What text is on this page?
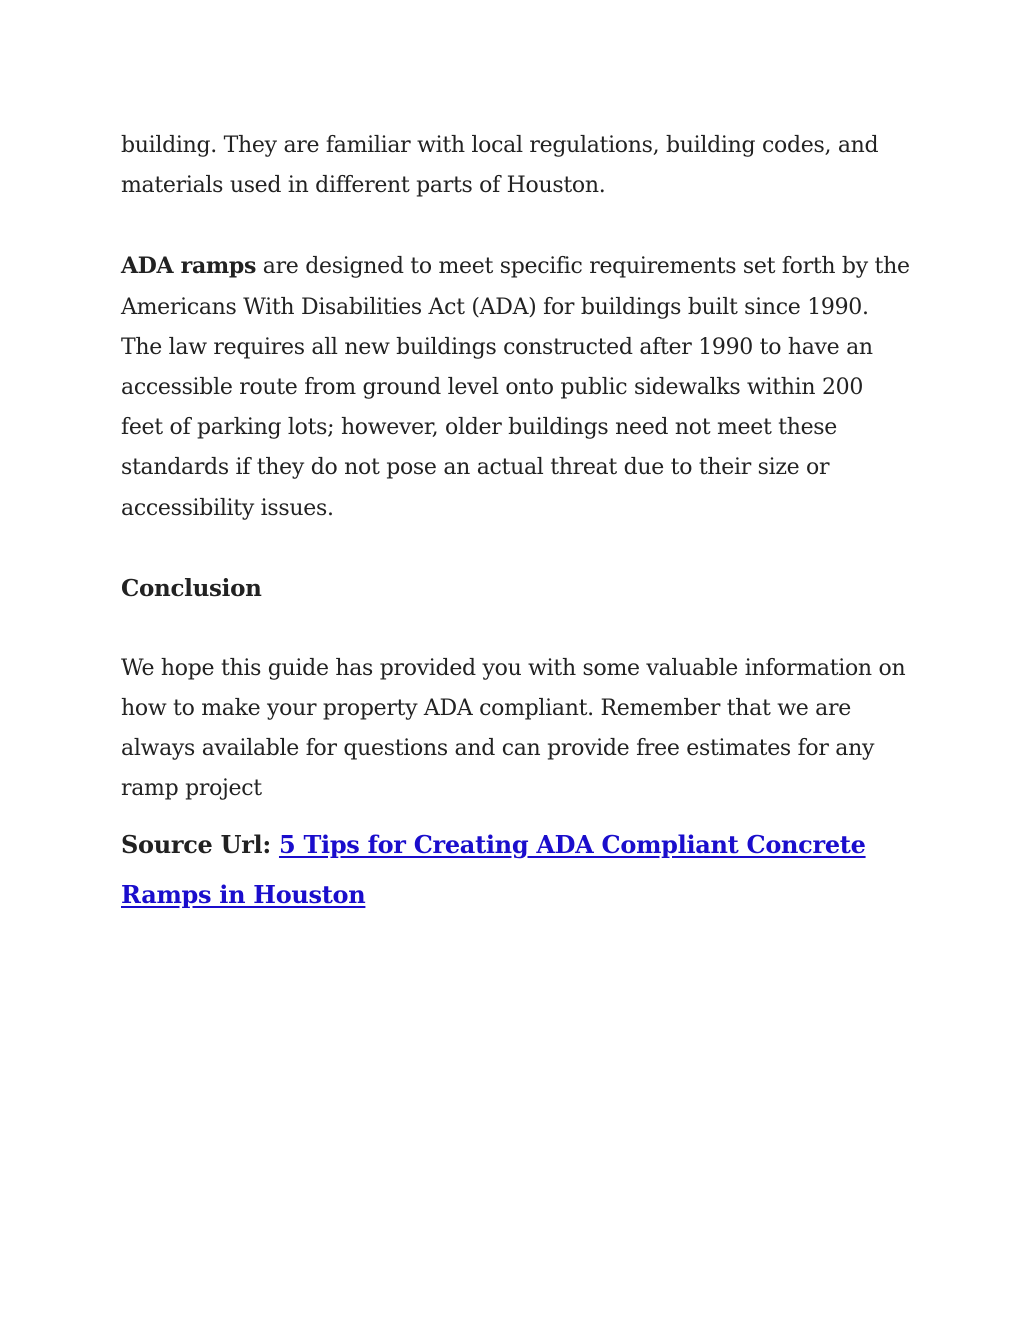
building. They are familiar with local regulations, building codes, and materials used in different parts of Houston.

ADA ramps are designed to meet specific requirements set forth by the Americans With Disabilities Act (ADA) for buildings built since 1990. The law requires all new buildings constructed after 1990 to have an accessible route from ground level onto public sidewalks within 200 feet of parking lots; however, older buildings need not meet these standards if they do not pose an actual threat due to their size or accessibility issues.

Conclusion

We hope this guide has provided you with some valuable information on how to make your property ADA compliant. Remember that we are always available for questions and can provide free estimates for any ramp project

Source Url: 5 Tips for Creating ADA Compliant Concrete Ramps in Houston
